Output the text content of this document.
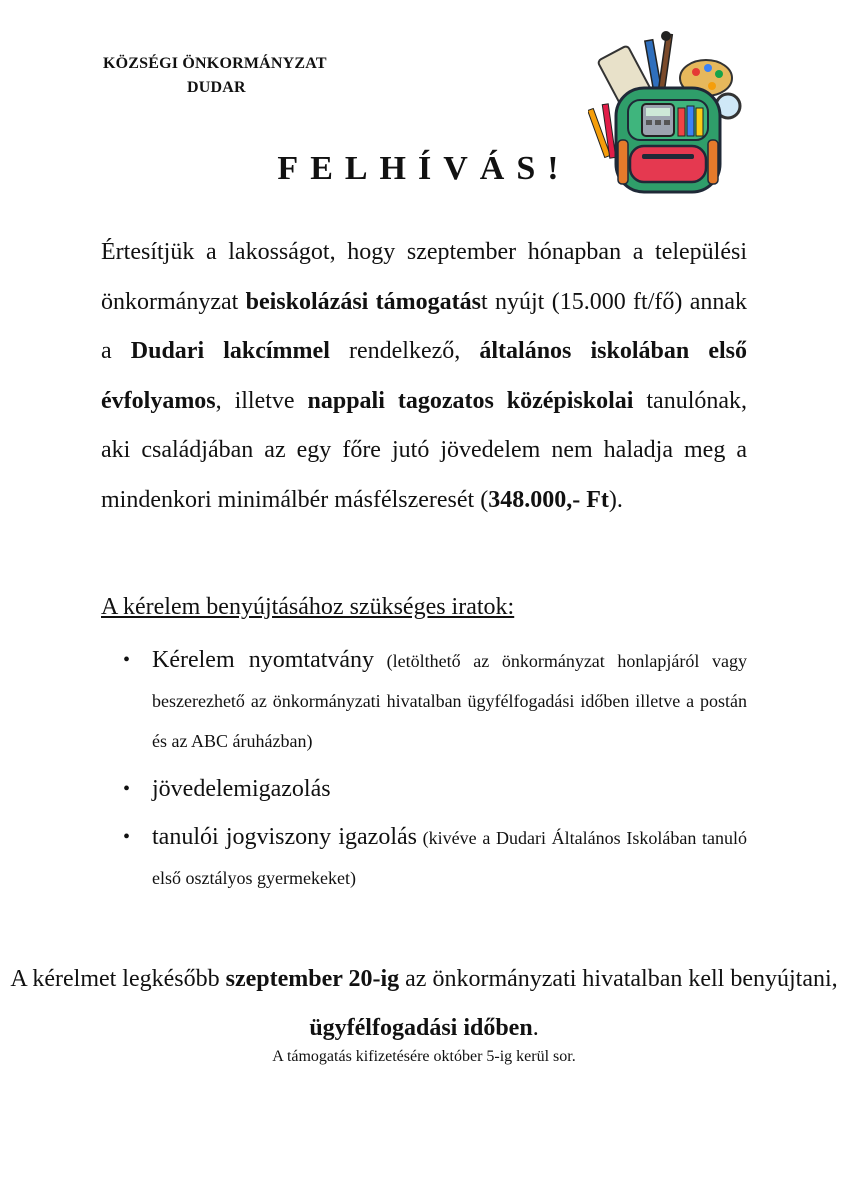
KÖZSÉGI ÖNKORMÁNYZAT
DUDAR
FELHÍVÁS!

Értesítjük a lakosságot, hogy szeptember hónapban a települési önkormányzat beiskolázási támogatást nyújt (15.000 ft/fő) annak a Dudari lakcímmel rendelkező, általános iskolában első évfolyamos, illetve nappali tagozatos középiskolai tanulónak, aki családjában az egy főre jutó jövedelem nem haladja meg a mindenkori minimálbér másfélszeresét (348.000,- Ft).

A kérelem benyújtásához szükséges iratok:
• Kérelem nyomtatvány (letölthető az önkormányzat honlapjáról vagy beszerezhető az önkormányzati hivatalban ügyfélfogadási időben illetve a postán és az ABC áruházban)
• jövedelemigazolás
• tanulói jogviszony igazolás (kivéve a Dudari Általános Iskolában tanuló első osztályos gyermekeket)
A kérelmet legkésőbb szeptember 20-ig az önkormányzati hivatalban kell benyújtani, ügyfélfogadási időben.
A támogatás kifizetésére október 5-ig kerül sor.
